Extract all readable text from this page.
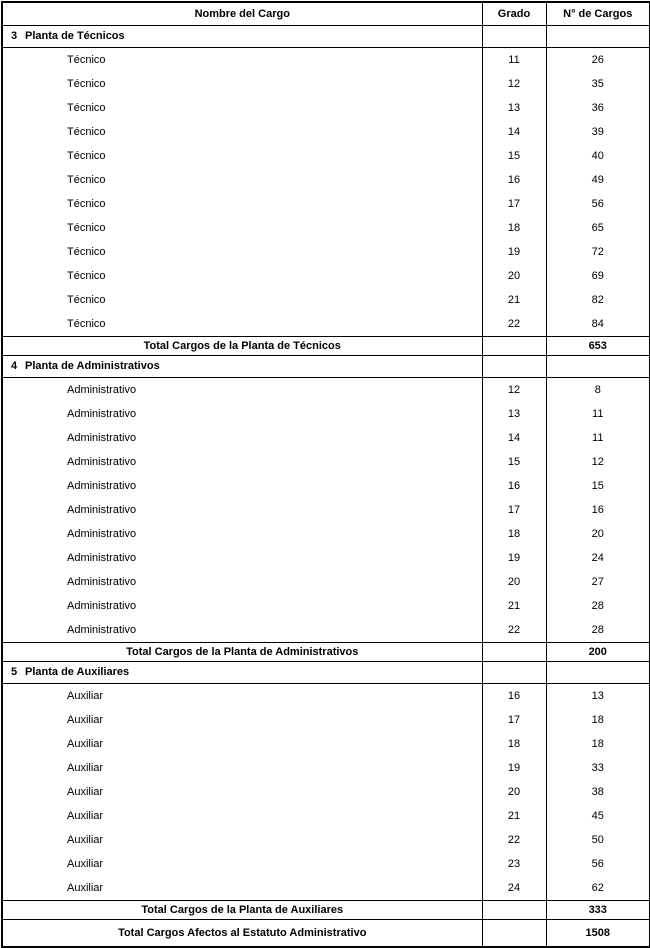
Nombre del Cargo	Grado	N° de Cargos
3 Planta de Técnicos		
Técnico	11	26
Técnico	12	35
Técnico	13	36
Técnico	14	39
Técnico	15	40
Técnico	16	49
Técnico	17	56
Técnico	18	65
Técnico	19	72
Técnico	20	69
Técnico	21	82
Técnico	22	84
Total Cargos de la Planta de Técnicos		653
4 Planta de Administrativos		
Administrativo	12	8
Administrativo	13	11
Administrativo	14	11
Administrativo	15	12
Administrativo	16	15
Administrativo	17	16
Administrativo	18	20
Administrativo	19	24
Administrativo	20	27
Administrativo	21	28
Administrativo	22	28
Total Cargos de la Planta de Administrativos		200
5 Planta de Auxiliares		
Auxiliar	16	13
Auxiliar	17	18
Auxiliar	18	18
Auxiliar	19	33
Auxiliar	20	38
Auxiliar	21	45
Auxiliar	22	50
Auxiliar	23	56
Auxiliar	24	62
Total Cargos de la Planta de Auxiliares		333
Total Cargos Afectos al Estatuto Administrativo		1508
